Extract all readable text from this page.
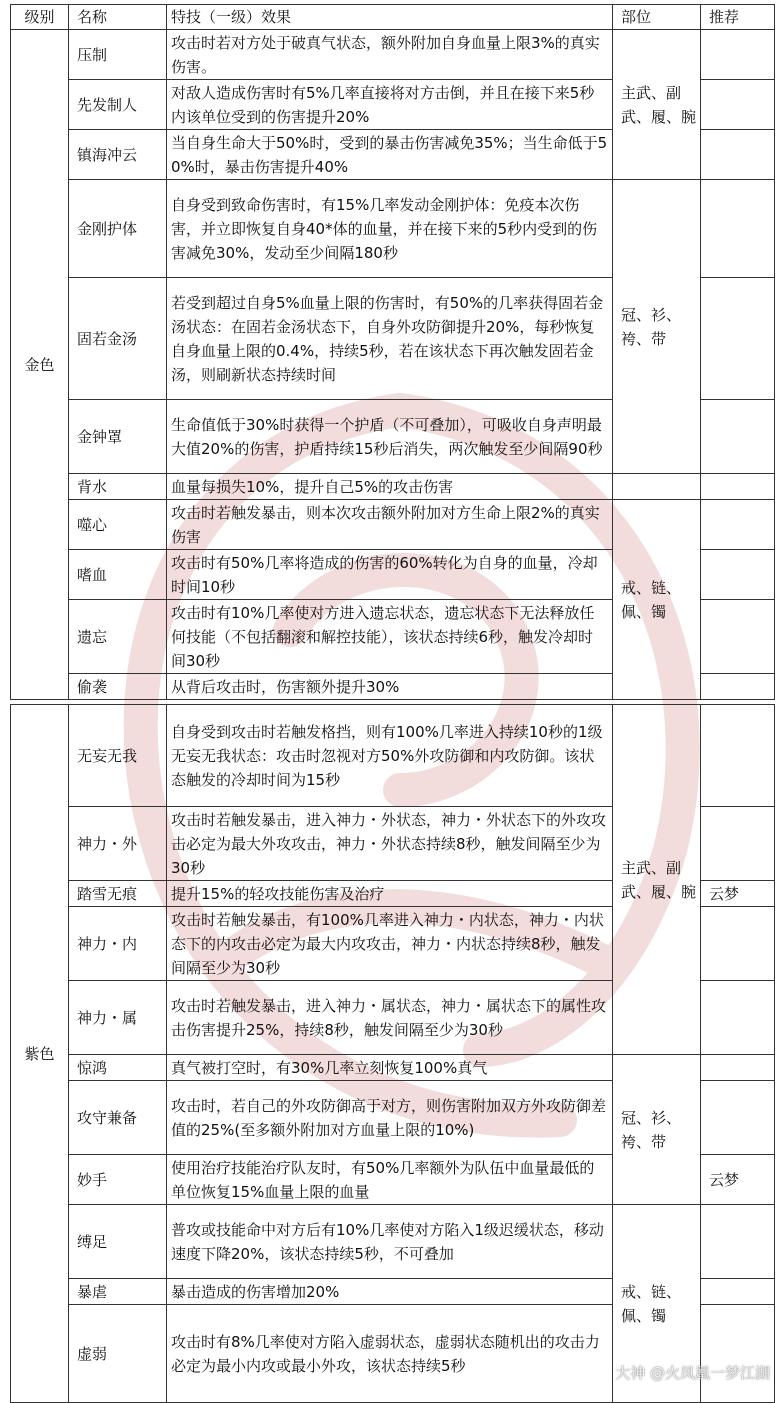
级别	名称	特技（一级）效果	部位	推荐
金色	压制	攻击时若对方处于破真气状态，额外附加自身血量上限3%的真实伤害。	主武、副武、履、腕	
	先发制人	对敌人造成伤害时有5%几率直接将对方击倒，并且在接下来5秒内该单位受到的伤害提升20%		
	镇海冲云	当自身生命大于50%时，受到的暴击伤害减免35%；当生命低于50%时，暴击伤害提升40%		
	金刚护体	自身受到致命伤害时，有15%几率发动金刚护体：免疫本次伤害，并立即恢复自身40*体的血量，并在接下来的5秒内受到的伤害减免30%，发动至少间隔180秒	冠、衫、袴、带	
	固若金汤	若受到超过自身5%血量上限的伤害时，有50%的几率获得固若金汤状态：在固若金汤状态下，自身外攻防御提升20%，每秒恢复自身血量上限的0.4%，持续5秒，若在该状态下再次触发固若金汤，则刷新状态持续时间		
	金钟罩	生命值低于30%时获得一个护盾（不可叠加），可吸收自身声明最大值20%的伤害，护盾持续15秒后消失，两次触发至少间隔90秒		
	背水	血量每损失10%，提升自己5%的攻击伤害		
	噬心	攻击时若触发暴击，则本次攻击额外附加对方生命上限2%的真实伤害	戒、链、佩、镯	
	嗜血	攻击时有50%几率将造成的伤害的60%转化为自身的血量，冷却时间10秒		
	遗忘	攻击时有10%几率使对方进入遗忘状态，遗忘状态下无法释放任何技能（不包括翻滚和解控技能），该状态持续6秒，触发冷却时间30秒		
	偷袭	从背后攻击时，伤害额外提升30%		
紫色	无妄无我	自身受到攻击时若触发格挡，则有100%几率进入持续10秒的1级无妄无我状态：攻击时忽视对方50%外攻防御和内攻防御。该状态触发的冷却时间为15秒	主武、副武、履、腕	
	神力・外	攻击时若触发暴击，进入神力・外状态，神力・外状态下的外攻攻击必定为最大外攻攻击，神力・外状态持续8秒，触发间隔至少为30秒		
	踏雪无痕	提升15%的轻攻技能伤害及治疗		云梦
	神力・内	攻击时若触发暴击，有100%几率进入神力・内状态，神力・内状态下的内攻击必定为最大内攻攻击，神力・内状态持续8秒，触发间隔至少为30秒		
	神力・属	攻击时若触发暴击，进入神力・属状态，神力・属状态下的属性攻击伤害提升25%，持续8秒，触发间隔至少为30秒		
	惊鸿	真气被打空时，有30%几率立刻恢复100%真气	冠、衫、袴、带	
	攻守兼备	攻击时，若自己的外攻防御高于对方，则伤害附加双方外攻防御差值的25%(至多额外附加对方血量上限的10%)		
	妙手	使用治疗技能治疗队友时，有50%几率额外为队伍中血量最低的单位恢复15%血量上限的血量		云梦
	缚足	普攻或技能命中对方后有10%几率使对方陷入1级迟缓状态，移动速度下降20%，该状态持续5秒，不可叠加	戒、链、佩、镯	
	暴虐	暴击造成的伤害增加20%		
	虚弱	攻击时有8%几率使对方陷入虚弱状态，虚弱状态随机出的攻击力必定为最小内攻或最小外攻，该状态持续5秒			大神 @火凤凰一梦江湖
